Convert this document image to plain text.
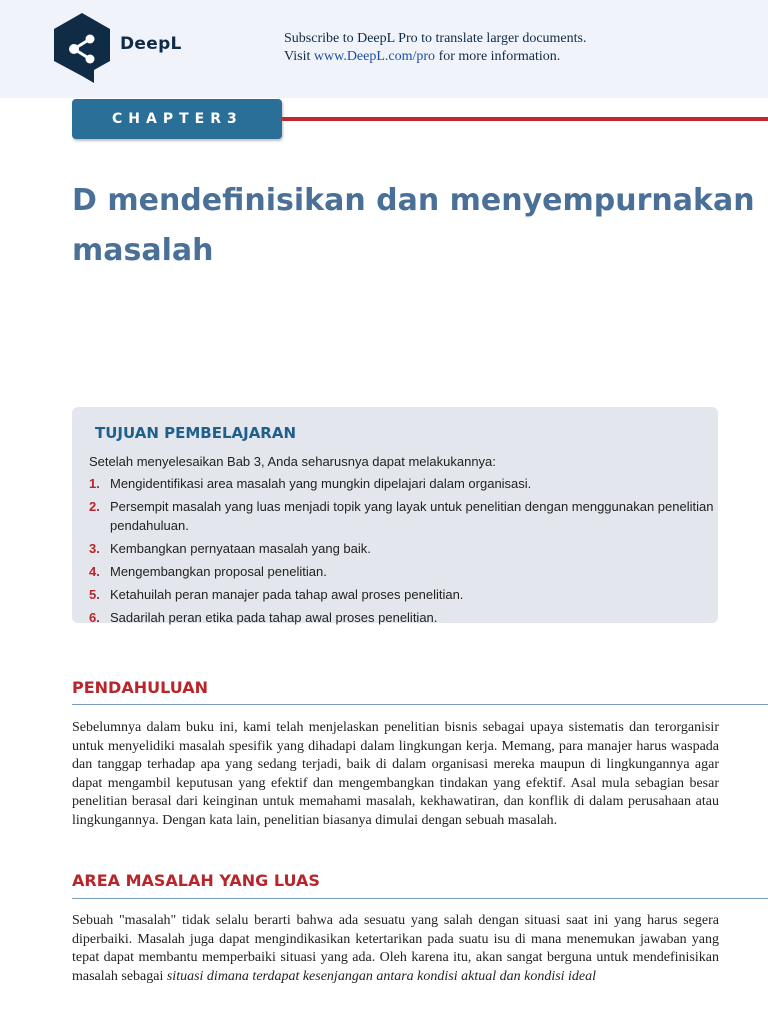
DeepL	Subscribe to DeepL Pro to translate larger documents.
Visit www.DeepL.com/pro for more information.
CHAPTER3
D mendefinisikan dan menyempurnakan masalah
TUJUAN PEMBELAJARAN
Setelah menyelesaikan Bab 3, Anda seharusnya dapat melakukannya:
1. Mengidentifikasi area masalah yang mungkin dipelajari dalam organisasi.
2. Persempit masalah yang luas menjadi topik yang layak untuk penelitian dengan menggunakan penelitian pendahuluan.
3. Kembangkan pernyataan masalah yang baik.
4. Mengembangkan proposal penelitian.
5. Ketahuilah peran manajer pada tahap awal proses penelitian.
6. Sadarilah peran etika pada tahap awal proses penelitian.
PENDAHULUAN

Sebelumnya dalam buku ini, kami telah menjelaskan penelitian bisnis sebagai upaya sistematis dan terorganisir untuk menyelidiki masalah spesifik yang dihadapi dalam lingkungan kerja. Memang, para manajer harus waspada dan tanggap terhadap apa yang sedang terjadi, baik di dalam organisasi mereka maupun di lingkungannya agar dapat mengambil keputusan yang efektif dan mengembangkan tindakan yang efektif. Asal mula sebagian besar penelitian berasal dari keinginan untuk memahami masalah, kekhawatiran, dan konflik di dalam perusahaan atau lingkungannya. Dengan kata lain, penelitian biasanya dimulai dengan sebuah masalah.

AREA MASALAH YANG LUAS

Sebuah "masalah" tidak selalu berarti bahwa ada sesuatu yang salah dengan situasi saat ini yang harus segera diperbaiki. Masalah juga dapat mengindikasikan ketertarikan pada suatu isu di mana menemukan jawaban yang tepat dapat membantu memperbaiki situasi yang ada. Oleh karena itu, akan sangat berguna untuk mendefinisikan masalah sebagai situasi dimana terdapat kesenjangan antara kondisi aktual dan kondisi ideal
